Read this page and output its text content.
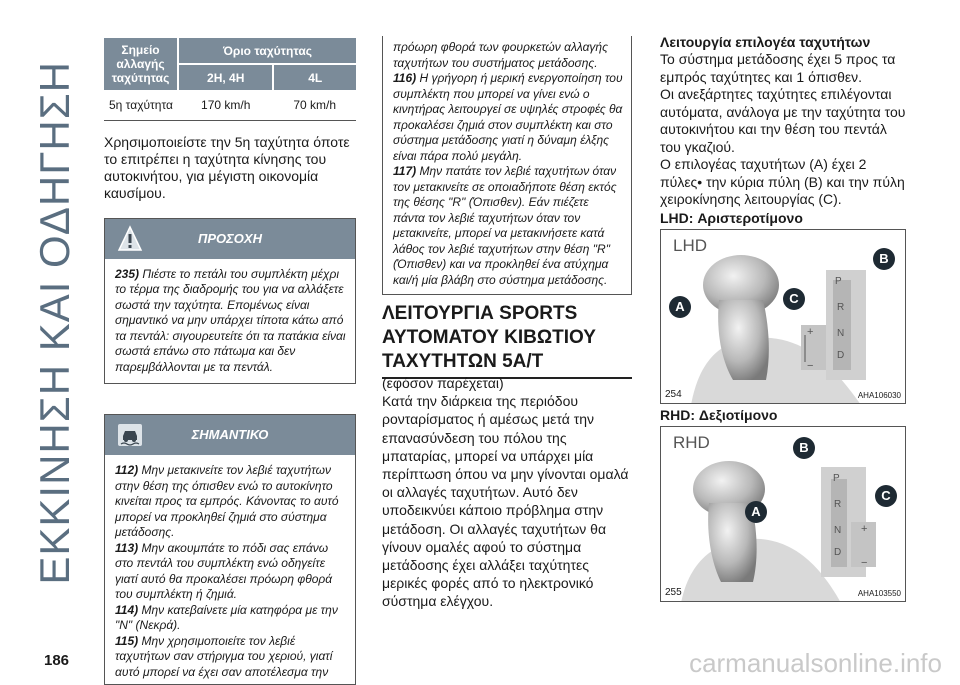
ΕΚΚΙΝΗΣΗ ΚΑΙ ΟΔΗΓΗΣΗ
186	carmanualsonline.info
Σημείο αλλαγής ταχύτητας	Όριο ταχύτητας	
	2H, 4H	4L
5η ταχύτητα	170 km/h	70 km/h

Χρησιμοποιείστε την 5η ταχύτητα όποτε το επιτρέπει η ταχύτητα κίνησης του αυτοκινήτου, για μέγιστη οικονομία καυσίμου.

ΠΡΟΣΟΧΗ
235) Πιέστε το πετάλι του συμπλέκτη μέχρι το τέρμα της διαδρομής του για να αλλάξετε σωστά την ταχύτητα. Επομένως είναι σημαντικό να μην υπάρχει τίποτα κάτω από τα πεντάλ: σιγουρευτείτε ότι τα πατάκια είναι σωστά επάνω στο πάτωμα και δεν παρεμβάλλονται με τα πεντάλ.
ΣΗΜΑΝΤΙΚΟ
112) Μην μετακινείτε τον λεβιέ ταχυτήτων στην θέση της όπισθεν ενώ το αυτοκίνητο κινείται προς τα εμπρός. Κάνοντας το αυτό μπορεί να προκληθεί ζημιά στο σύστημα μετάδοσης.
113) Μην ακουμπάτε το πόδι σας επάνω στο πεντάλ του συμπλέκτη ενώ οδηγείτε γιατί αυτό θα προκαλέσει πρόωρη φθορά του συμπλέκτη ή ζημιά.
114) Μην κατεβαίνετε μία κατηφόρα με την "N" (Νεκρά).
115) Μην χρησιμοποιείτε τον λεβιέ ταχυτήτων σαν στήριγμα του χεριού, γιατί αυτό μπορεί να έχει σαν αποτέλεσμα την
πρόωρη φθορά των φουρκετών αλλαγής ταχυτήτων του συστήματος μετάδοσης.
116) Η γρήγορη ή μερική ενεργοποίηση του συμπλέκτη που μπορεί να γίνει ενώ ο κινητήρας λειτουργεί σε υψηλές στροφές θα προκαλέσει ζημιά στον συμπλέκτη και στο σύστημα μετάδοσης γιατί η δύναμη έλξης είναι πάρα πολύ μεγάλη.
117) Μην πατάτε τον λεβιέ ταχυτήτων όταν τον μετακινείτε σε οποιαδήποτε θέση εκτός της θέσης "R" (Όπισθεν). Εάν πιέζετε πάντα τον λεβιέ ταχυτήτων όταν τον μετακινείτε, μπορεί να μετακινήσετε κατά λάθος τον λεβιέ ταχυτήτων στην θέση "R" (Όπισθεν) και να προκληθεί ένα ατύχημα και/ή μία βλάβη στο σύστημα μετάδοσης.
ΛΕΙΤΟΥΡΓΙΑ SPORTS ΑΥΤΟΜΑΤΟΥ ΚΙΒΩΤΙΟΥ ΤΑΧΥΤΗΤΩΝ 5A/T

(εφόσον παρέχεται)

Κατά την διάρκεια της περιόδου ρονταρίσματος ή αμέσως μετά την επανασύνδεση του πόλου της μπαταρίας, μπορεί να υπάρχει μία περίπτωση όπου να μην γίνονται ομαλά οι αλλαγές ταχυτήτων. Αυτό δεν υποδεικνύει κάποιο πρόβλημα στην μετάδοση. Οι αλλαγές ταχυτήτων θα γίνουν ομαλές αφού το σύστημα μετάδοσης έχει αλλάξει ταχύτητες μερικές φορές από το ηλεκτρονικό σύστημα ελέγχου.

Λειτουργία επιλογέα ταχυτήτων

Το σύστημα μετάδοσης έχει 5 προς τα εμπρός ταχύτητες και 1 όπισθεν.

Οι ανεξάρτητες ταχύτητες επιλέγονται αυτόματα, ανάλογα με την ταχύτητα του αυτοκινήτου και την θέση του πεντάλ του γκαζιού.

Ο επιλογέας ταχυτήτων (A) έχει 2 πύλες• την κύρια πύλη (B) και την πύλη χειροκίνησης λειτουργίας (C).

LHD: Αριστεροτίμονο
LHD
A
B
C
P
R
N
D
+
−
254	AHA106030
RHD: Δεξιοτίμονο
RHD
A
B
C
P
R
N
D
+
−
255	AHA103550
